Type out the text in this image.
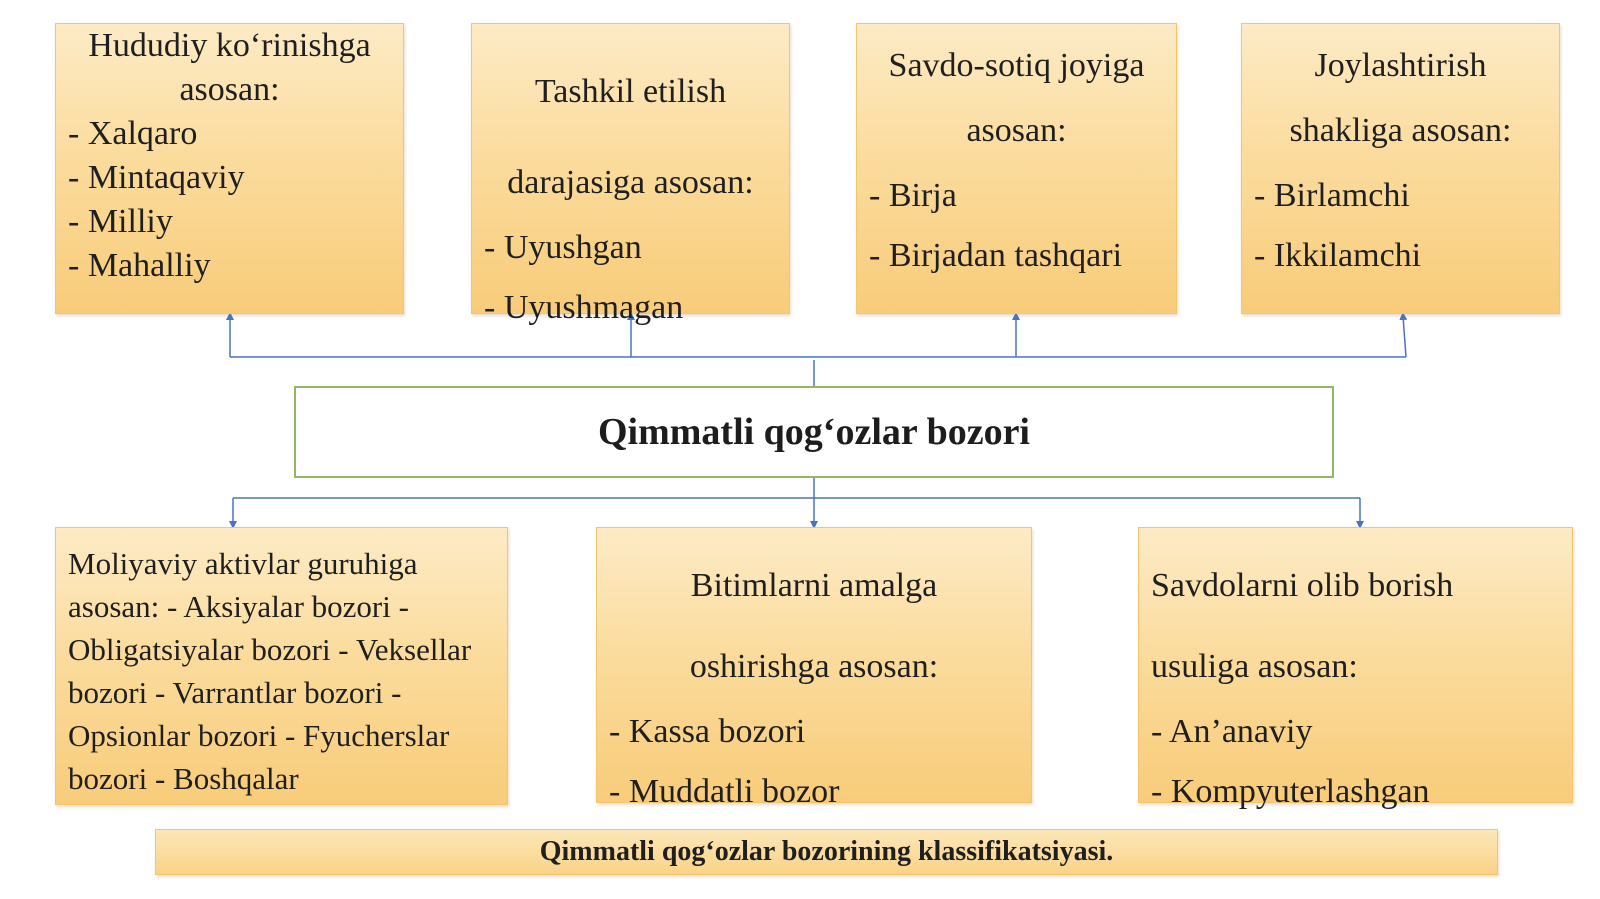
Hududiy ko‘rinishga

asosan:

- Xalqaro
- Mintaqaviy
- Milliy
- Mahalliy

Tashkil etilish

darajasiga asosan:

- Uyushgan
- Uyushmagan

Savdo-sotiq joyiga

asosan:

- Birja
- Birjadan tashqari

Joylashtirish

shakliga asosan:

- Birlamchi
- Ikkilamchi
Qimmatli qog‘ozlar bozori

Moliyaviy aktivlar guruhiga asosan: - Aksiyalar bozori - Obligatsiyalar bozori - Veksellar bozori - Varrantlar bozori - Opsionlar bozori - Fyucherslar bozori - Boshqalar

Bitimlarni amalga

oshirishga asosan:

- Kassa bozori
- Muddatli bozor

Savdolarni olib borish

usuliga asosan:

- An’anaviy
- Kompyuterlashgan
Qimmatli qog‘ozlar bozorining klassifikatsiyasi.
